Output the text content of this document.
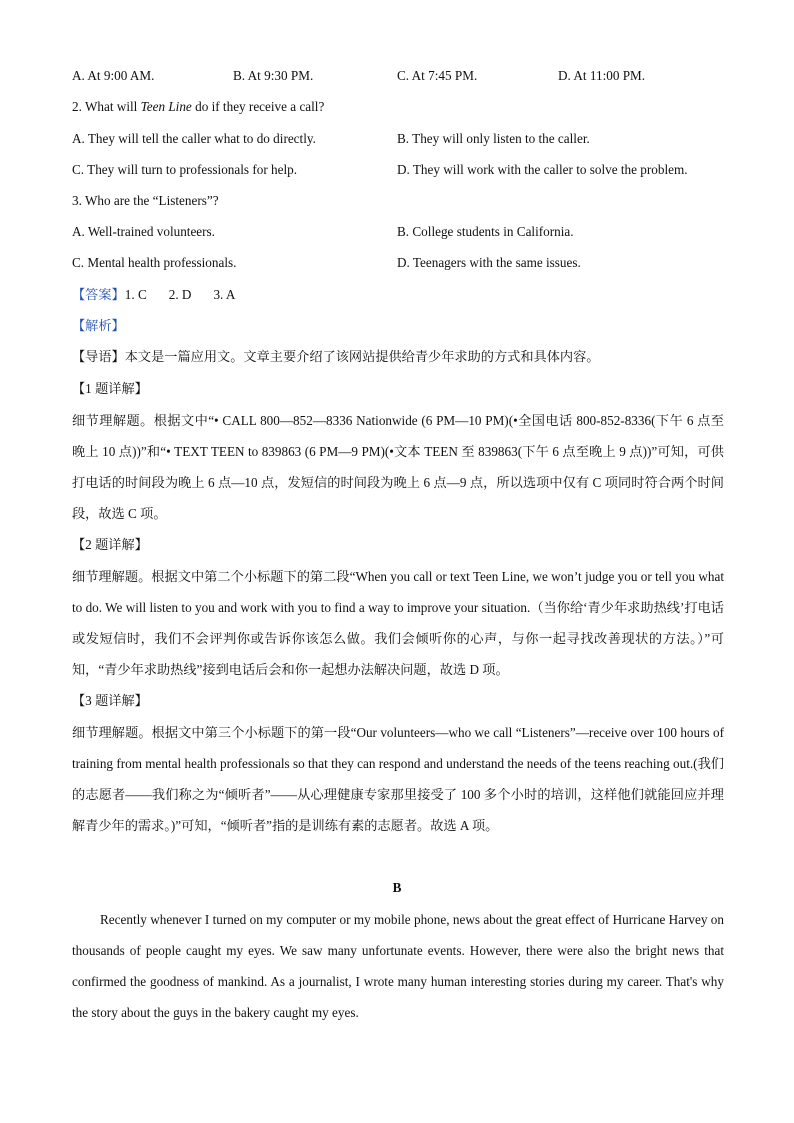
A. At 9:00 AM.	B. At 9:30 PM.	C. At 7:45 PM.	D. At 11:00 PM.
2. What will Teen Line do if they receive a call?
A. They will tell the caller what to do directly.	B. They will only listen to the caller.
C. They will turn to professionals for help.	D. They will work with the caller to solve the problem.
3. Who are the “Listeners”?
A. Well-trained volunteers.	B. College students in California.
C. Mental health professionals.	D. Teenagers with the same issues.
【答案】1. C 2. D 3. A
【解析】
【导语】本文是一篇应用文。文章主要介绍了该网站提供给青少年求助的方式和具体内容。
【1 题详解】
细节理解题。根据文中“• CALL 800—852—8336 Nationwide (6 PM—10 PM)(•全国电话 800-852-8336(下午 6 点至晚上 10 点))”和“• TEXT TEEN to 839863 (6 PM—9 PM)(•文本 TEEN 至 839863(下午 6 点至晚上 9 点))”可知，可供打电话的时间段为晚上 6 点—10 点，发短信的时间段为晚上 6 点—9 点，所以选项中仅有 C 项同时符合两个时间段，故选 C 项。
【2 题详解】
细节理解题。根据文中第二个小标题下的第二段“When you call or text Teen Line, we won’t judge you or tell you what to do. We will listen to you and work with you to find a way to improve your situation.（当你给‘青少年求助热线’打电话或发短信时，我们不会评判你或告诉你该怎么做。我们会倾听你的心声，与你一起寻找改善现状的方法。）”可知，“青少年求助热线”接到电话后会和你一起想办法解决问题，故选 D 项。
【3 题详解】
细节理解题。根据文中第三个小标题下的第一段“Our volunteers—who we call “Listeners”—receive over 100 hours of training from mental health professionals so that they can respond and understand the needs of the teens reaching out.(我们的志愿者——我们称之为“倾听者”——从心理健康专家那里接受了 100 多个小时的培训，这样他们就能回应并理解青少年的需求。)”可知，“倾听者”指的是训练有素的志愿者。故选 A 项。
B
Recently whenever I turned on my computer or my mobile phone, news about the great effect of Hurricane Harvey on thousands of people caught my eyes. We saw many unfortunate events. However, there were also the bright news that confirmed the goodness of mankind. As a journalist, I wrote many human interesting stories during my career. That's why the story about the guys in the bakery caught my eyes.
